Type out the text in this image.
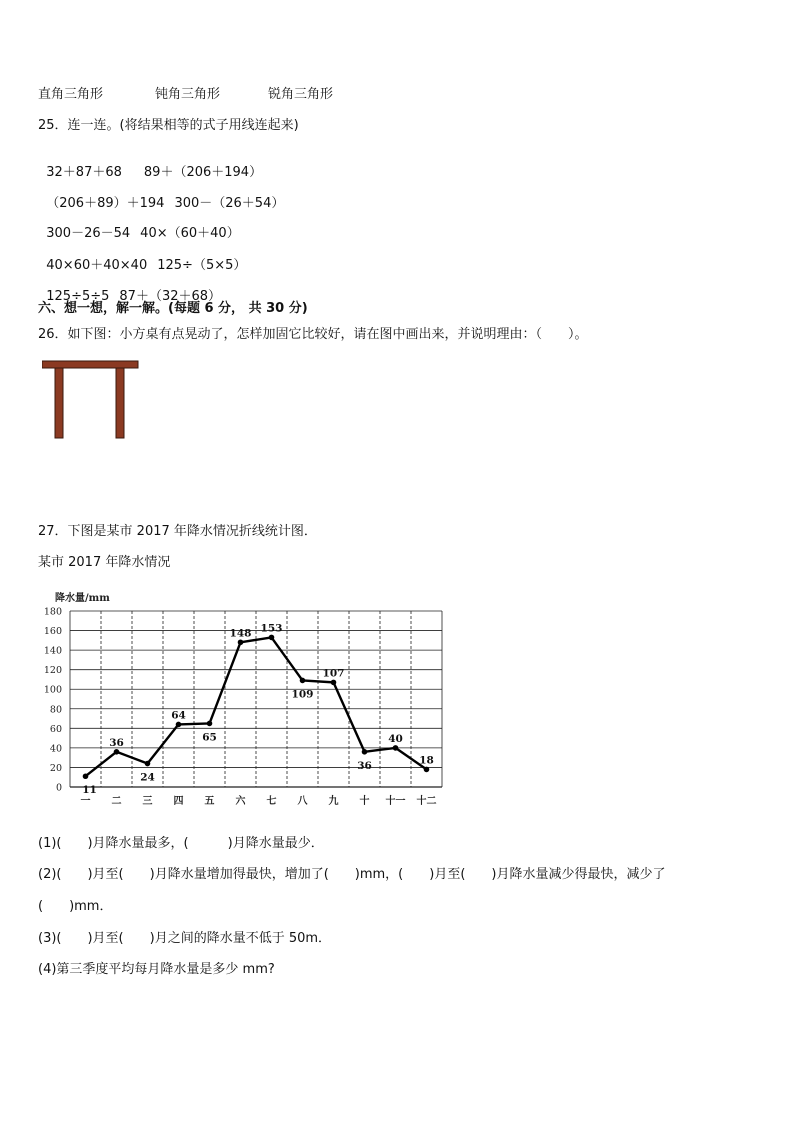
直角三角形	钝角三角形	锐角三角形
25．连一连。(将结果相等的式子用线连起来)

32＋87＋68 89＋（206＋194）

（206＋89）＋194 300－（26＋54）

300－26－54 40×（60＋40）

40×60＋40×40 125÷（5×5）

125÷5÷5 87＋（32＋68）

六、想一想，解一解。(每题 6 分， 共 30 分)
26．如下图：小方桌有点晃动了，怎样加固它比较好，请在图中画出来，并说明理由：（　　）。
27．下图是某市 2017 年降水情况折线统计图．
某市 2017 年降水情况
降水量/mm
0
20
40
60
80
100
120
140
160
180
一 二 三 四 五 六 七 八 九 十 十一 十二
11
36
24
64
65
148 153
109
107
36
40
18
(1)(　　)月降水量最多，(　　　)月降水量最少．
(2)(　　)月至(　　)月降水量增加得最快，增加了(　　)mm，(　　)月至(　　)月降水量减少得最快，减少了
(　　)mm．
(3)(　　)月至(　　)月之间的降水量不低于 50m．
(4)第三季度平均每月降水量是多少 mm?
